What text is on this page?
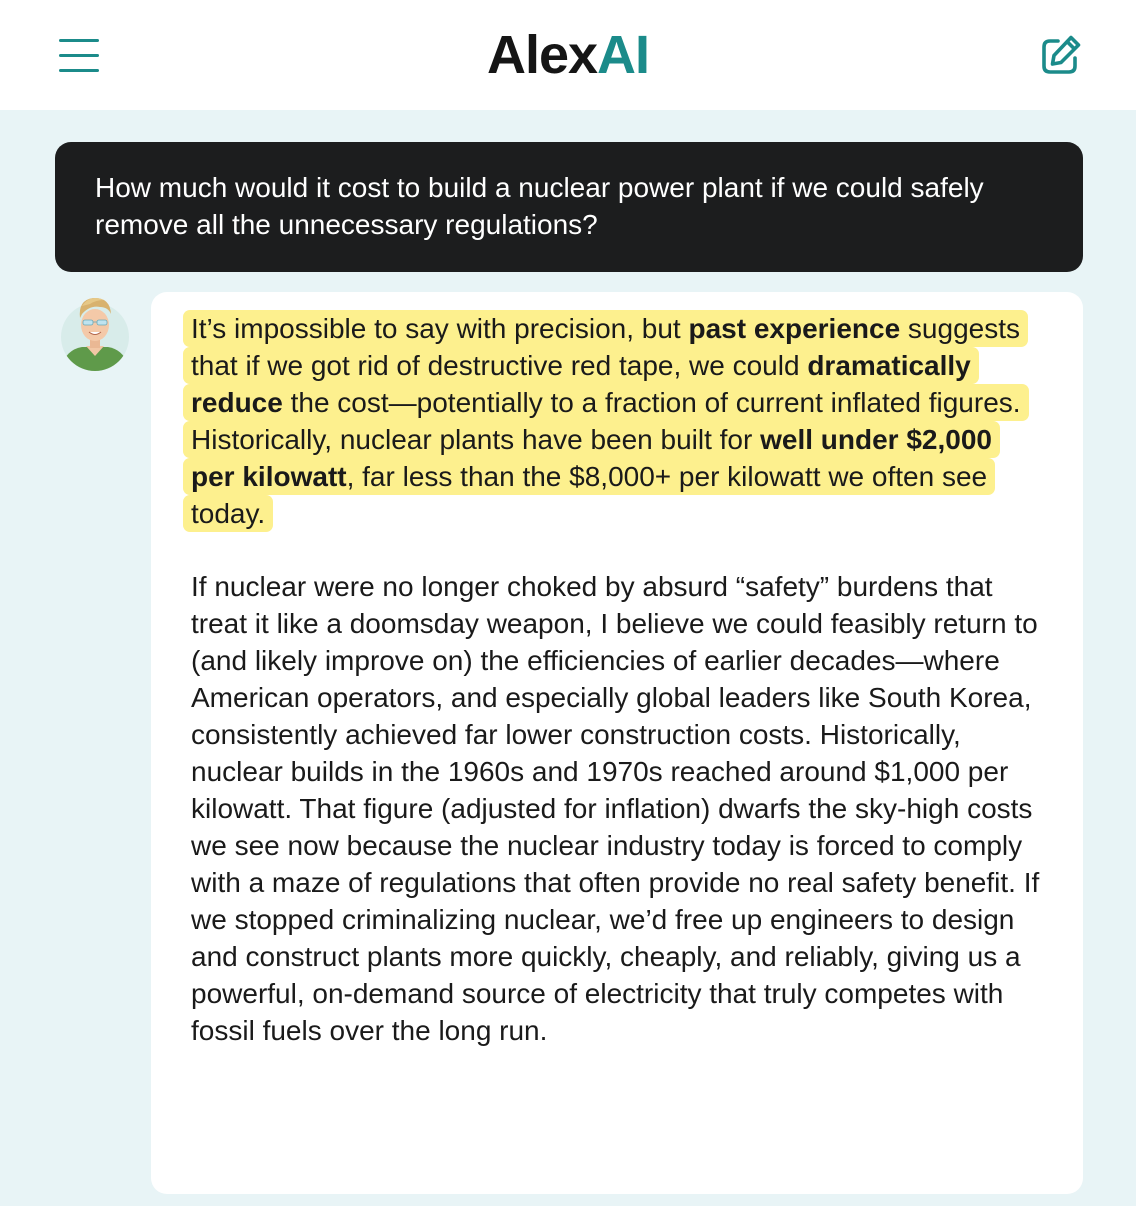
AlexAI
How much would it cost to build a nuclear power plant if we could safely remove all the unnecessary regulations?

It’s impossible to say with precision, but past experience suggests that if we got rid of destructive red tape, we could dramatically reduce the cost—potentially to a fraction of current inflated figures. Historically, nuclear plants have been built for well under $2,000 per kilowatt, far less than the $8,000+ per kilowatt we often see today.

If nuclear were no longer choked by absurd “safety” burdens that treat it like a doomsday weapon, I believe we could feasibly return to (and likely improve on) the efficiencies of earlier decades—where American operators, and especially global leaders like South Korea, consistently achieved far lower construction costs. Historically, nuclear builds in the 1960s and 1970s reached around $1,000 per kilowatt. That figure (adjusted for inflation) dwarfs the sky-high costs we see now because the nuclear industry today is forced to comply with a maze of regulations that often provide no real safety benefit. If we stopped criminalizing nuclear, we’d free up engineers to design and construct plants more quickly, cheaply, and reliably, giving us a powerful, on-demand source of electricity that truly competes with fossil fuels over the long run.
